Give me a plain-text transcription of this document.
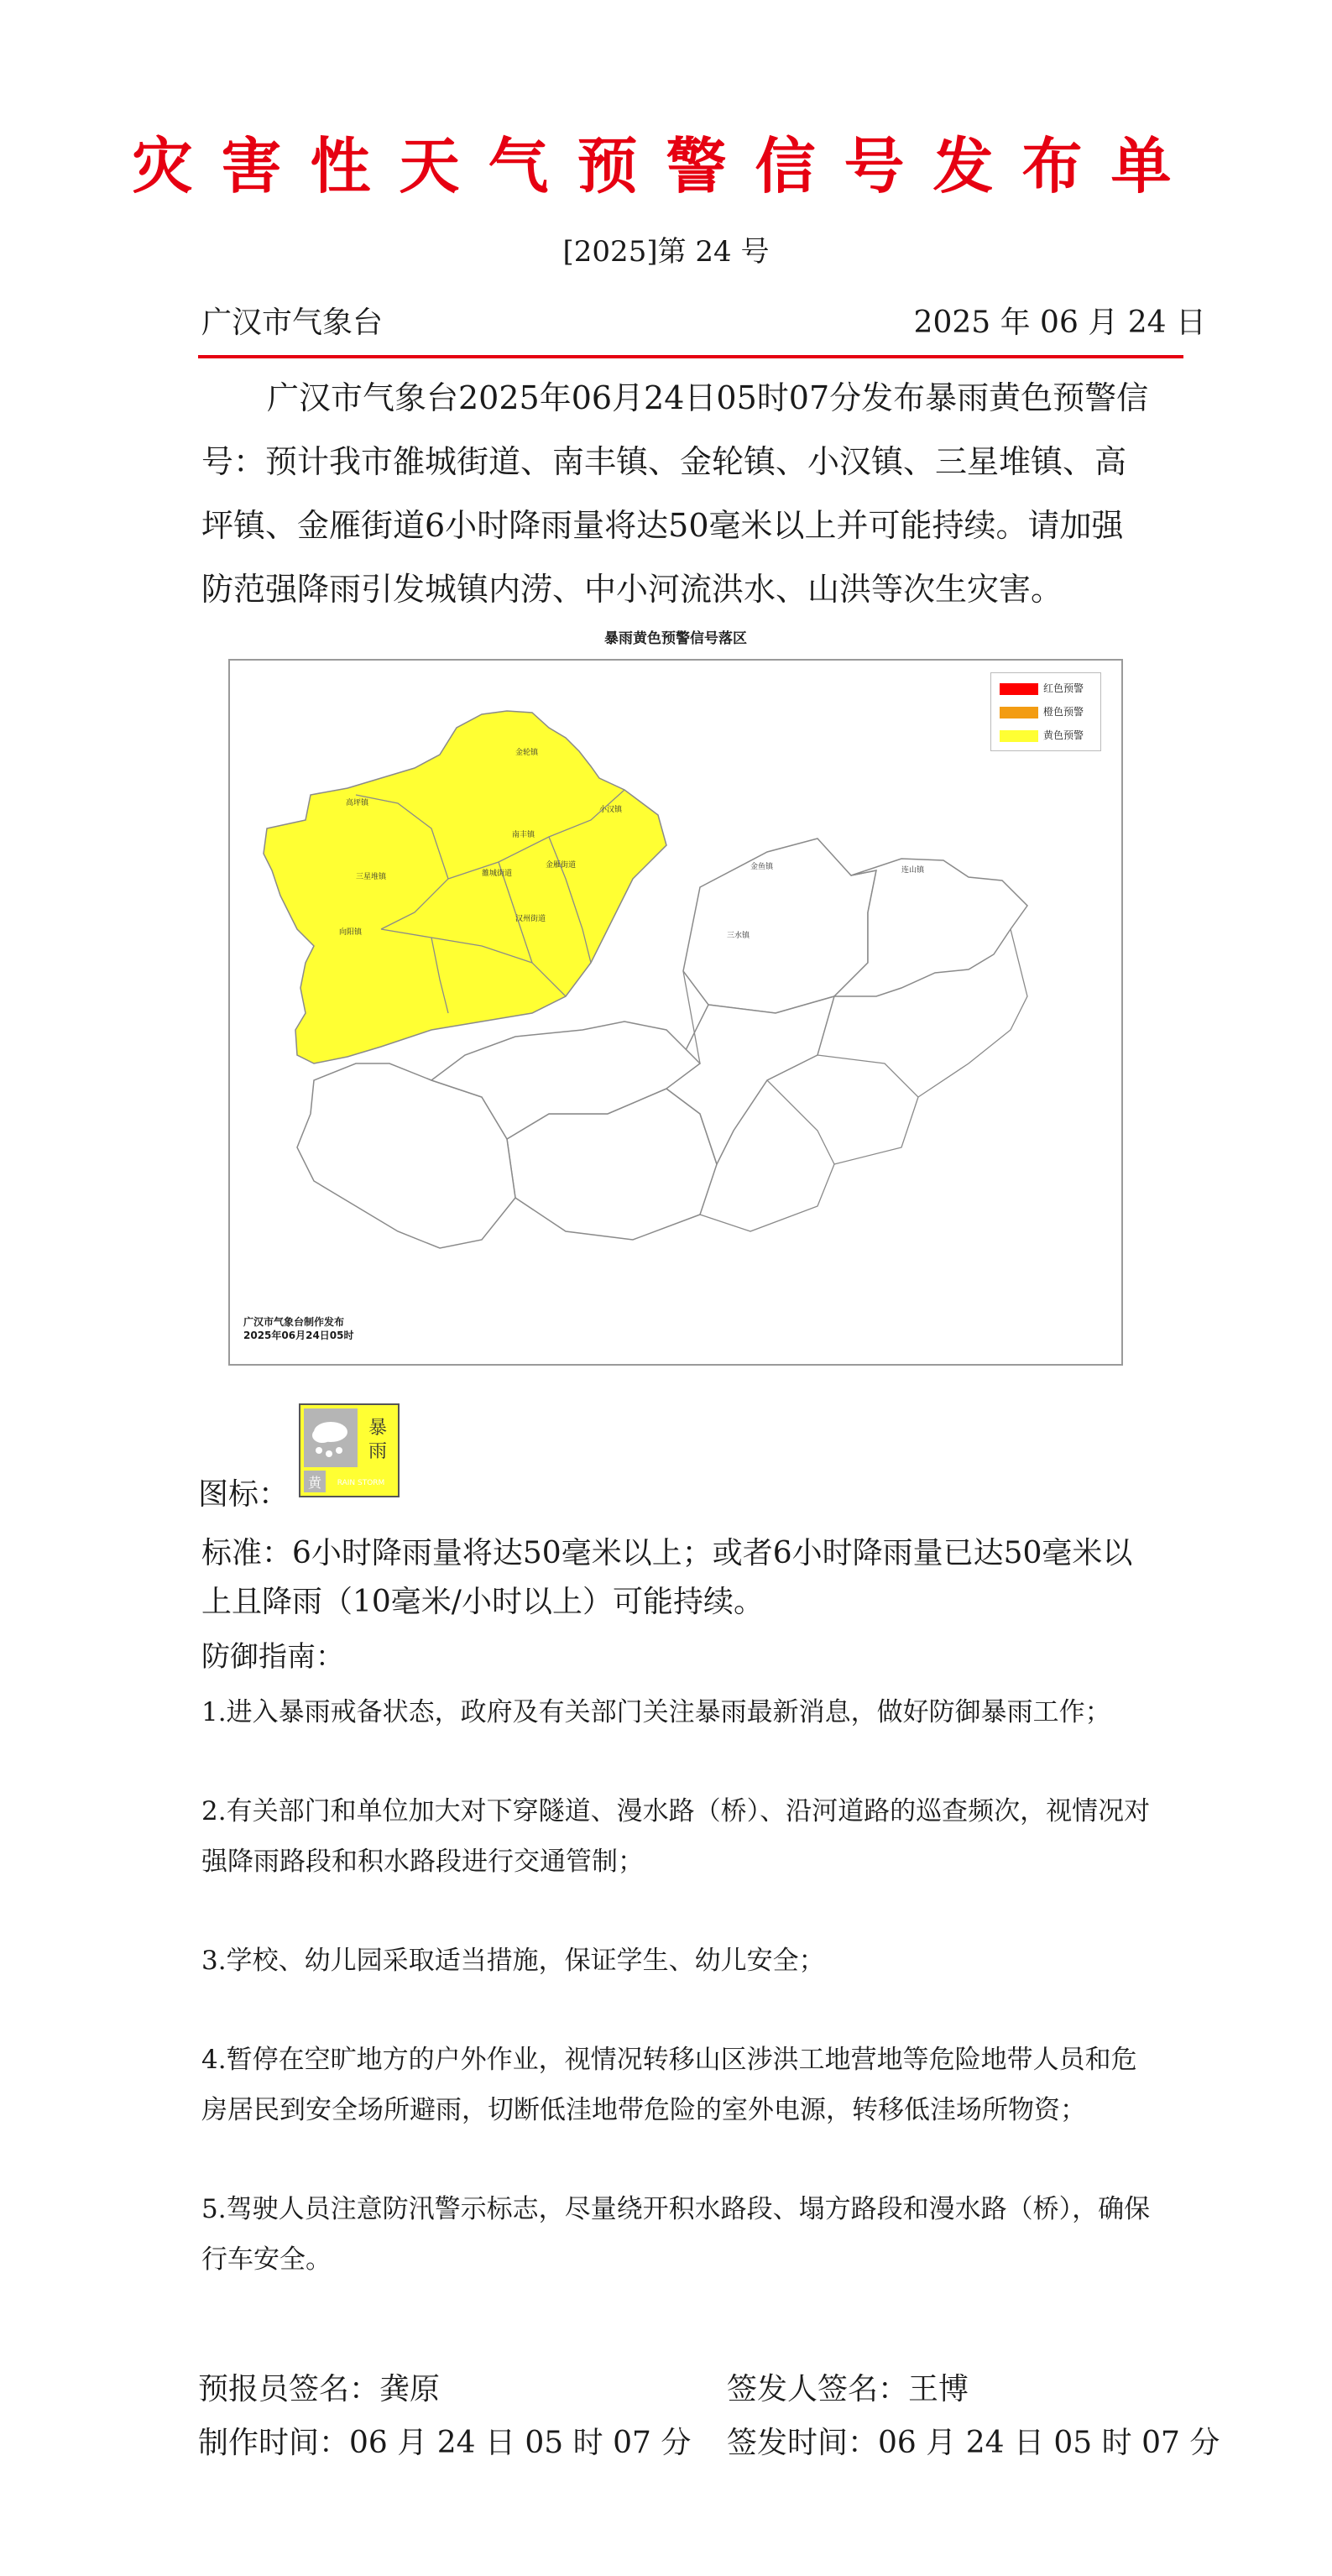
灾害性天气预警信号发布单
[2025]第 24 号
广汉市气象台	2025 年 06 月 24 日
广汉市气象台2025年06月24日05时07分发布暴雨黄色预警信号：预计我市雒城街道、南丰镇、金轮镇、小汉镇、三星堆镇、高坪镇、金雁街道6小时降雨量将达50毫米以上并可能持续。请加强防范强降雨引发城镇内涝、中小河流洪水、山洪等次生灾害。
暴雨黄色预警信号落区
金轮镇
高坪镇
小汉镇
南丰镇
金雁街道
三星堆镇	雒城街道
金鱼镇	连山镇
汉州街道
向阳镇	三水镇
红色预警
橙色预警
黄色预警
广汉市气象台制作发布
2025年06月24日05时
图标：
暴
雨
黄 RAIN STORM
标准：6小时降雨量将达50毫米以上；或者6小时降雨量已达50毫米以上且降雨（10毫米/小时以上）可能持续。
防御指南：
1.进入暴雨戒备状态，政府及有关部门关注暴雨最新消息，做好防御暴雨工作；
2.有关部门和单位加大对下穿隧道、漫水路（桥）、沿河道路的巡查频次，视情况对强降雨路段和积水路段进行交通管制；
3.学校、幼儿园采取适当措施，保证学生、幼儿安全；
4.暂停在空旷地方的户外作业，视情况转移山区涉洪工地营地等危险地带人员和危房居民到安全场所避雨，切断低洼地带危险的室外电源，转移低洼场所物资；
5.驾驶人员注意防汛警示标志，尽量绕开积水路段、塌方路段和漫水路（桥），确保行车安全。
预报员签名：龚原	签发人签名：王博
制作时间：06 月 24 日 05 时 07 分 签发时间：06 月 24 日 05 时 07 分
